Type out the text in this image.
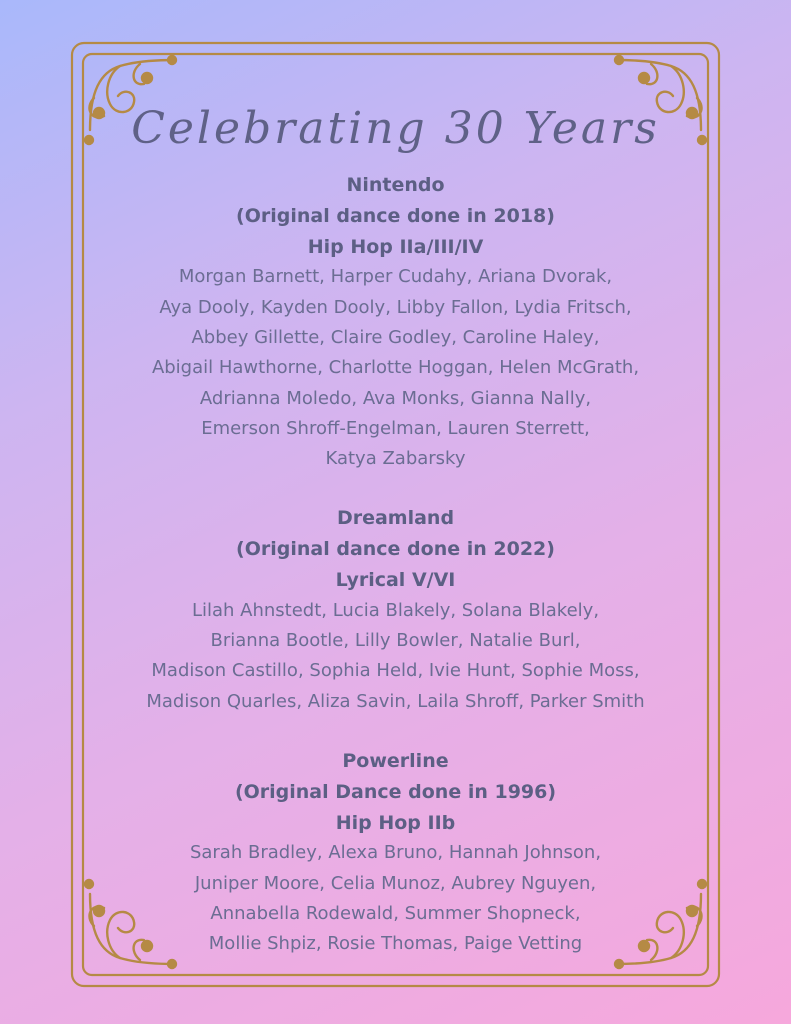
Celebrating 30 Years
Nintendo
(Original dance done in 2018)
Hip Hop IIa/III/IV
Morgan Barnett, Harper Cudahy, Ariana Dvorak,
Aya Dooly, Kayden Dooly, Libby Fallon, Lydia Fritsch,
Abbey Gillette, Claire Godley, Caroline Haley,
Abigail Hawthorne, Charlotte Hoggan, Helen McGrath,
Adrianna Moledo, Ava Monks, Gianna Nally,
Emerson Shroff-Engelman, Lauren Sterrett,
Katya Zabarsky
Dreamland
(Original dance done in 2022)
Lyrical V/VI
Lilah Ahnstedt, Lucia Blakely, Solana Blakely,
Brianna Bootle, Lilly Bowler, Natalie Burl,
Madison Castillo, Sophia Held, Ivie Hunt, Sophie Moss,
Madison Quarles, Aliza Savin, Laila Shroff, Parker Smith
Powerline
(Original Dance done in 1996)
Hip Hop IIb
Sarah Bradley, Alexa Bruno, Hannah Johnson,
Juniper Moore, Celia Munoz, Aubrey Nguyen,
Annabella Rodewald, Summer Shopneck,
Mollie Shpiz, Rosie Thomas, Paige Vetting
